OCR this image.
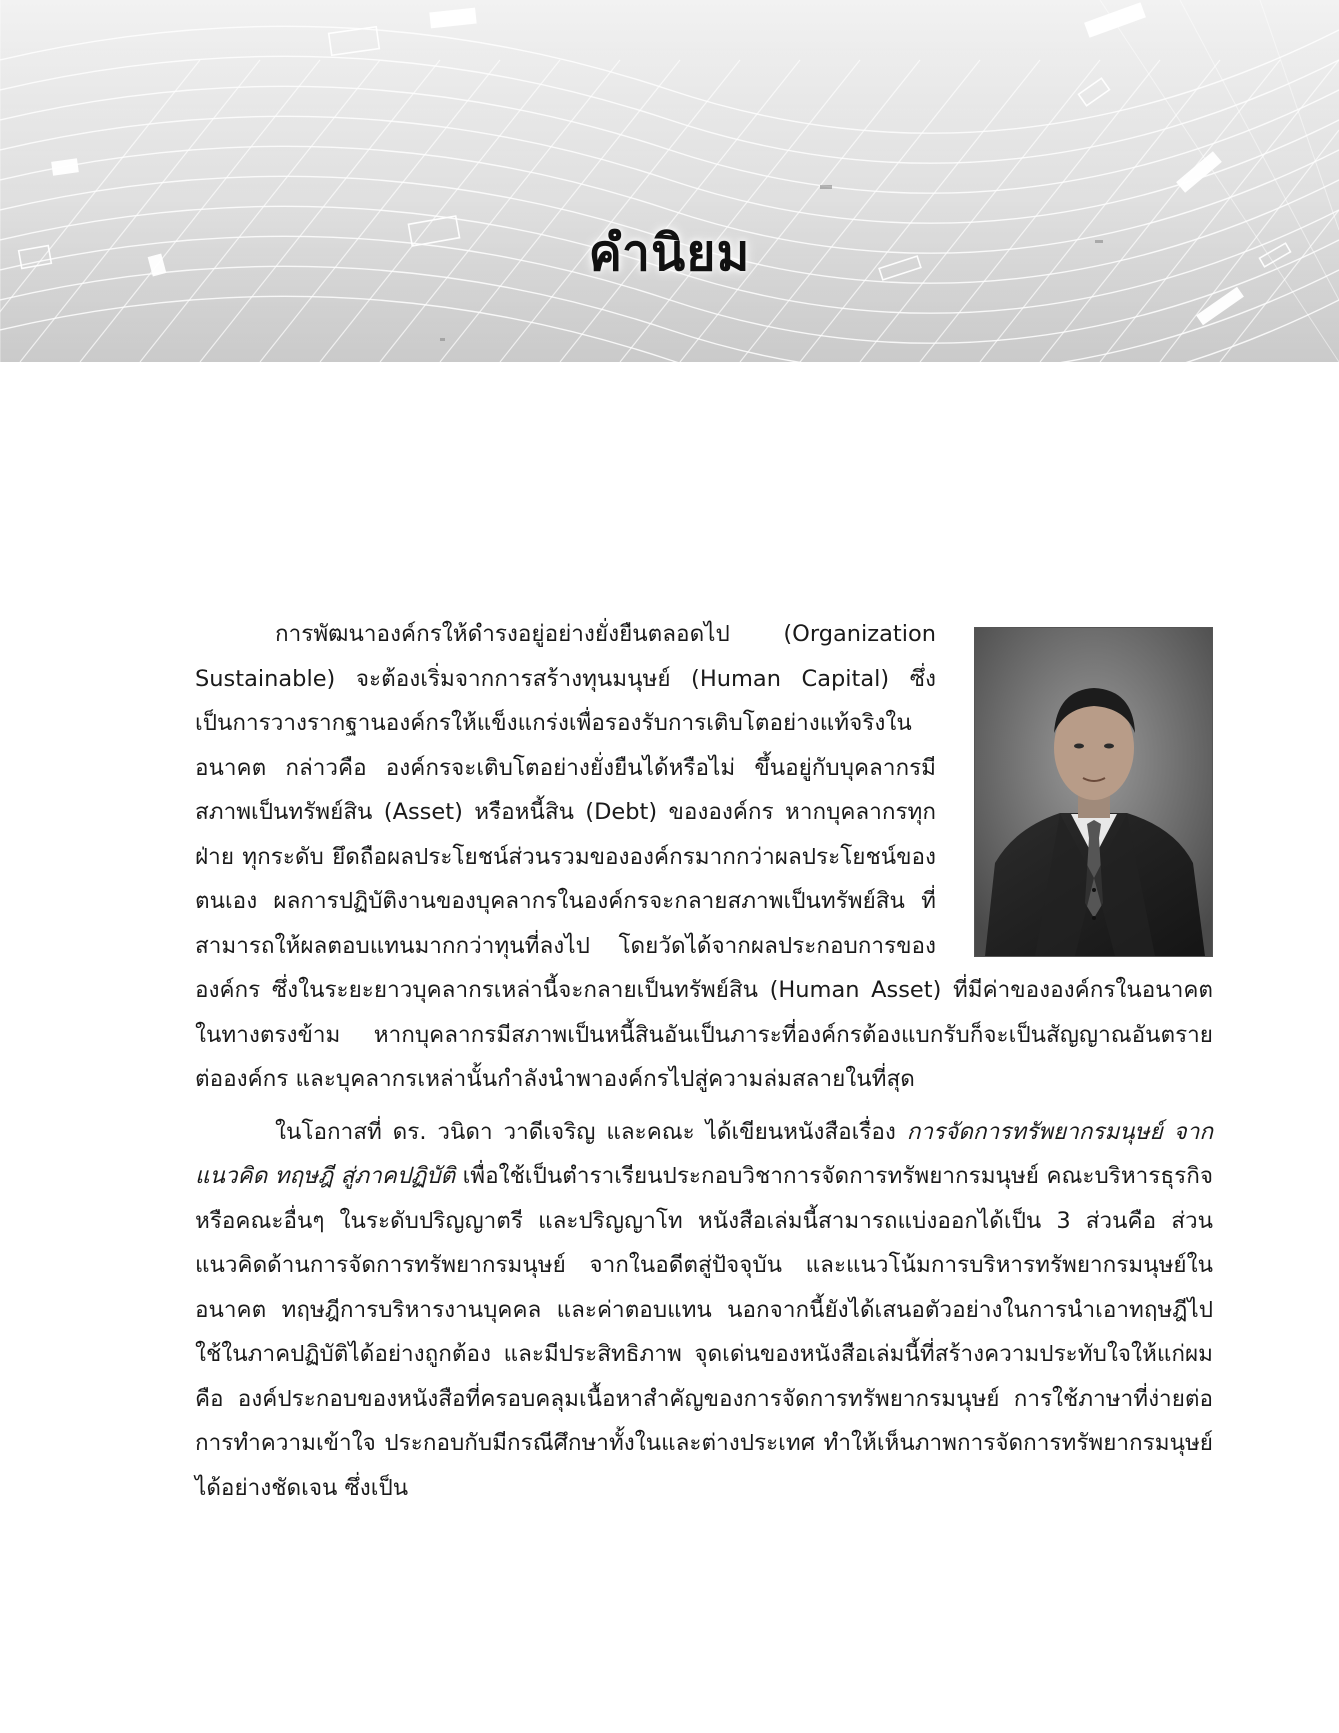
คำนิยม

การพัฒนาองค์กรให้ดำรงอยู่อย่างยั่งยืนตลอดไป (Organization Sustainable) จะต้องเริ่มจากการสร้างทุนมนุษย์ (Human Capital) ซึ่งเป็นการวางรากฐานองค์กรให้แข็งแกร่งเพื่อรองรับการเติบโตอย่างแท้จริงในอนาคต กล่าวคือ องค์กรจะเติบโตอย่างยั่งยืนได้หรือไม่ ขึ้นอยู่กับบุคลากรมีสภาพเป็นทรัพย์สิน (Asset) หรือหนี้สิน (Debt) ขององค์กร หากบุคลากรทุกฝ่าย ทุกระดับ ยึดถือผลประโยชน์ส่วนรวมขององค์กรมากกว่าผลประโยชน์ของตนเอง ผลการปฏิบัติงานของบุคลากรในองค์กรจะกลายสภาพเป็นทรัพย์สิน ที่สามารถให้ผลตอบแทนมากกว่าทุนที่ลงไป โดยวัดได้จากผลประกอบการขององค์กร ซึ่งในระยะยาวบุคลากรเหล่านี้จะกลายเป็นทรัพย์สิน (Human Asset) ที่มีค่าขององค์กรในอนาคต ในทางตรงข้าม หากบุคลากรมีสภาพเป็นหนี้สินอันเป็นภาระที่องค์กรต้องแบกรับก็จะเป็นสัญญาณอันตรายต่อองค์กร และบุคลากรเหล่านั้นกำลังนำพาองค์กรไปสู่ความล่มสลายในที่สุด

ในโอกาสที่ ดร. วนิดา วาดีเจริญ และคณะ ได้เขียนหนังสือเรื่อง การจัดการทรัพยากรมนุษย์ จากแนวคิด ทฤษฎี สู่ภาคปฏิบัติ เพื่อใช้เป็นตำราเรียนประกอบวิชาการจัดการทรัพยากรมนุษย์ คณะบริหารธุรกิจ หรือคณะอื่นๆ ในระดับปริญญาตรี และปริญญาโท หนังสือเล่มนี้สามารถแบ่งออกได้เป็น 3 ส่วนคือ ส่วนแนวคิดด้านการจัดการทรัพยากรมนุษย์ จากในอดีตสู่ปัจจุบัน และแนวโน้มการบริหารทรัพยากรมนุษย์ในอนาคต ทฤษฎีการบริหารงานบุคคล และค่าตอบแทน นอกจากนี้ยังได้เสนอตัวอย่างในการนำเอาทฤษฎีไปใช้ในภาคปฏิบัติได้อย่างถูกต้อง และมีประสิทธิภาพ จุดเด่นของหนังสือเล่มนี้ที่สร้างความประทับใจให้แก่ผมคือ องค์ประกอบของหนังสือที่ครอบคลุมเนื้อหาสำคัญของการจัดการทรัพยากรมนุษย์ การใช้ภาษาที่ง่ายต่อการทำความเข้าใจ ประกอบกับมีกรณีศึกษาทั้งในและต่างประเทศ ทำให้เห็นภาพการจัดการทรัพยากรมนุษย์ได้อย่างชัดเจน ซึ่งเป็น
